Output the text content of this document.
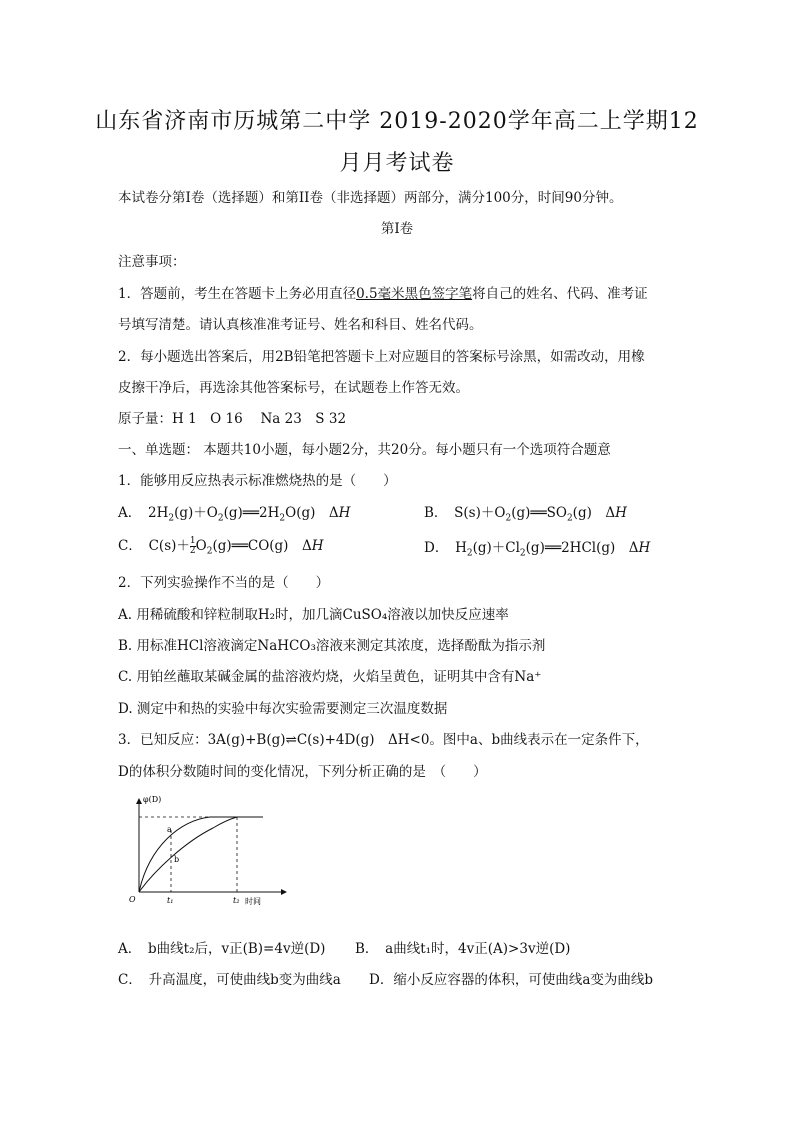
山东省济南市历城第二中学 2019-2020学年高二上学期12
月月考试卷
本试卷分第I卷（选择题）和第II卷（非选择题）两部分，满分100分，时间90分钟。
第I卷
注意事项：
1．答题前，考生在答题卡上务必用直径0.5毫米黑色签字笔将自己的姓名、代码、准考证
号填写清楚。请认真核准准考证号、姓名和科目、姓名代码。
2．每小题选出答案后，用2B铅笔把答题卡上对应题目的答案标号涂黑，如需改动，用橡
皮擦干净后，再选涂其他答案标号，在试题卷上作答无效。
原子量：H 1　O 16　 Na 23　S 32
一、单选题： 本题共10小题，每小题2分，共20分。每小题只有一个选项符合题意
1．能够用反应热表示标准燃烧热的是（　　）
A．　$2H_2(g)+O_2(g)══2H_2O(g)$　ΔH	B．　$S(s)+O_2(g)══SO_2(g)$　ΔH
C．　$C(s)+ \frac{1}{2}$ $O_2(g)══CO(g)$　ΔH	D．　$H_2(g)+Cl_2(g)══2HCl(g)$　ΔH
2．下列实验操作不当的是（　　）
A. 用稀硫酸和锌粒制取H₂时，加几滴CuSO₄溶液以加快反应速率
B. 用标准HCl溶液滴定NaHCO₃溶液来测定其浓度，选择酚酞为指示剂
C. 用铂丝蘸取某碱金属的盐溶液灼烧，火焰呈黄色，证明其中含有Na⁺
D. 测定中和热的实验中每次实验需要测定三次温度数据
3．已知反应：3A(g)+B(g)⇌C(s)+4D(g)　ΔH<0。图中a、b曲线表示在一定条件下，
D的体积分数随时间的变化情况，下列分析正确的是　（　　）
φ(D)
O	t₁	t₂ 时间
a
b
A．　b曲线t₂后，v正(B)=4v逆(D) B．　a曲线t₁时，4v正(A)>3v逆(D)
C．　升高温度，可使曲线b变为曲线a D．缩小反应容器的体积，可使曲线a变为曲线b
